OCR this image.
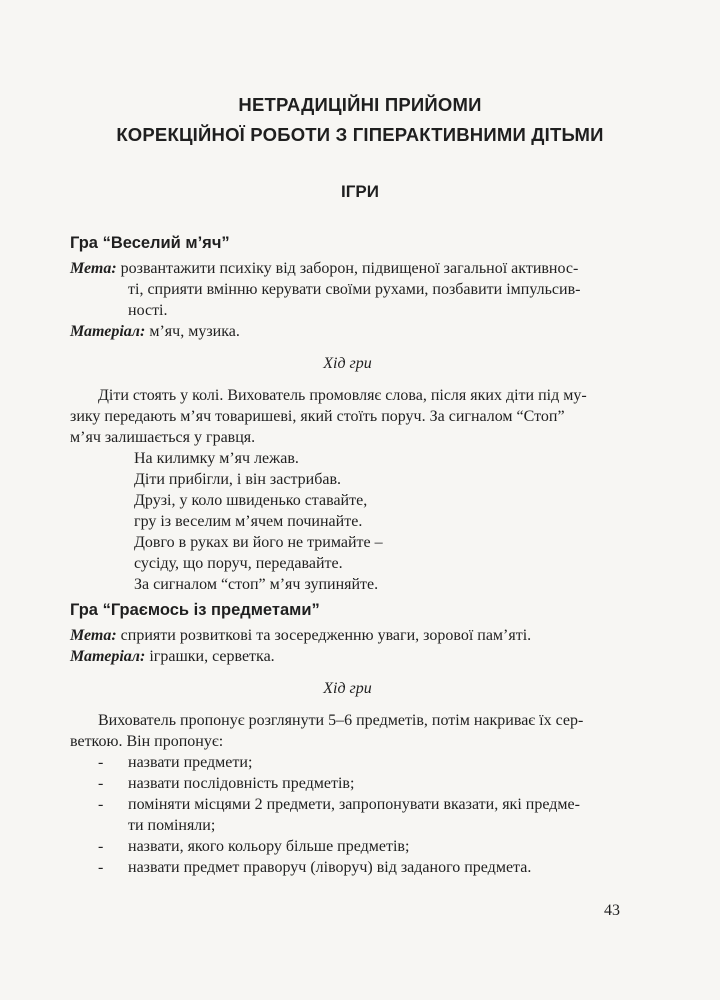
НЕТРАДИЦІЙНІ ПРИЙОМИ
КОРЕКЦІЙНОЇ РОБОТИ З ГІПЕРАКТИВНИМИ ДІТЬМИ
ІГРИ
Гра “Веселий м’яч”
Мета: розвантажити психіку від заборон, підвищеної загальної активнос-
ті, сприяти вмінню керувати своїми рухами, позбавити імпульсив-
ності.
Матеріал: м’яч, музика.
Хід гри
Діти стоять у колі. Вихователь промовляє слова, після яких діти під му-
зику передають м’яч товаришеві, який стоїть поруч. За сигналом “Стоп”
м’яч залишається у гравця.
На килимку м’яч лежав.
Діти прибігли, і він застрибав.
Друзі, у коло швиденько ставайте,
гру із веселим м’ячем починайте.
Довго в руках ви його не тримайте –
сусіду, що поруч, передавайте.
За сигналом “стоп” м’яч зупиняйте.
Гра “Граємось із предметами”
Мета: сприяти розвиткові та зосередженню уваги, зорової пам’яті.
Матеріал: іграшки, серветка.
Хід гри
Вихователь пропонує розглянути 5–6 предметів, потім накриває їх сер-
веткою. Він пропонує:
- назвати предмети;
- назвати послідовність предметів;
- поміняти місцями 2 предмети, запропонувати вказати, які предме-
ти поміняли;
- назвати, якого кольору більше предметів;
- назвати предмет праворуч (ліворуч) від заданого предмета.
43
